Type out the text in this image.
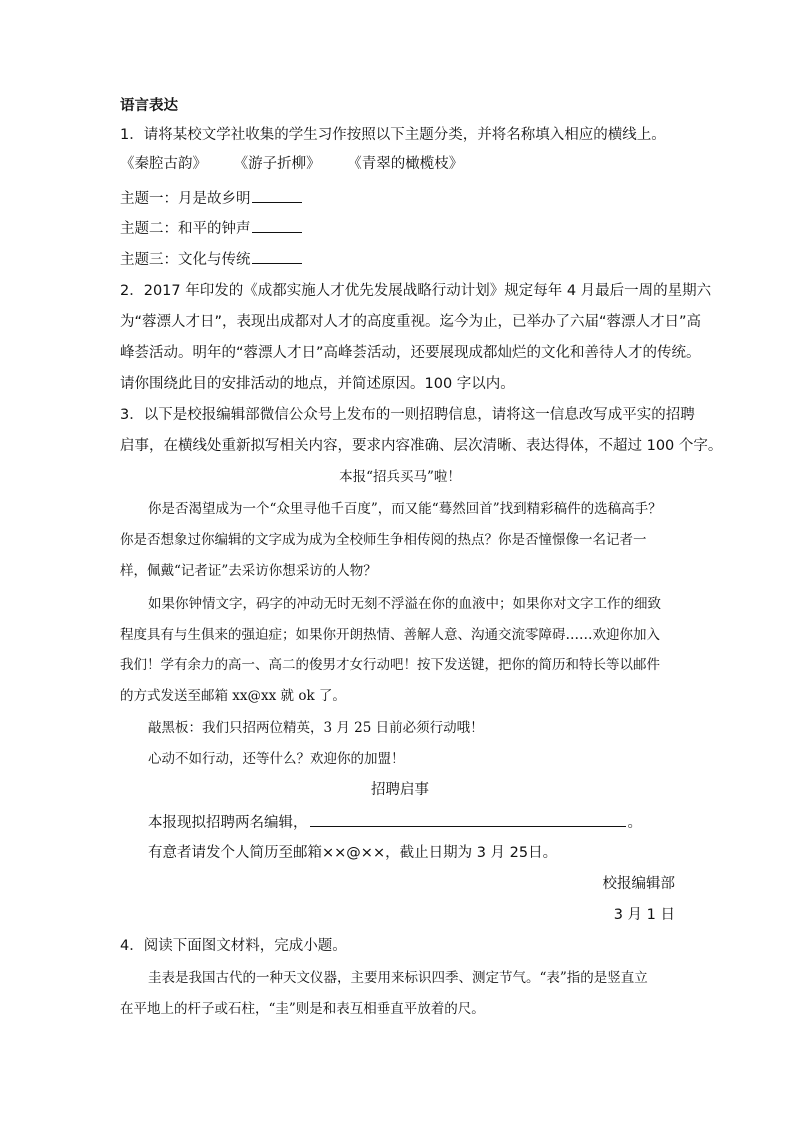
语言表达
1．请将某校文学社收集的学生习作按照以下主题分类，并将名称填入相应的横线上。
《秦腔古韵》 《游子折柳》 《青翠的橄榄枝》
主题一：月是故乡明
主题二：和平的钟声
主题三：文化与传统
2．2017 年印发的《成都实施人才优先发展战略行动计划》规定每年 4 月最后一周的星期六
为“蓉漂人才日”，表现出成都对人才的高度重视。迄今为止，已举办了六届“蓉漂人才日”高
峰荟活动。明年的“蓉漂人才日”高峰荟活动，还要展现成都灿烂的文化和善待人才的传统。
请你围绕此目的安排活动的地点，并简述原因。100 字以内。
3．以下是校报编辑部微信公众号上发布的一则招聘信息，请将这一信息改写成平实的招聘
启事，在横线处重新拟写相关内容，要求内容准确、层次清晰、表达得体，不超过 100 个字。
本报“招兵买马”啦！
你是否渴望成为一个“众里寻他千百度”，而又能“蓦然回首”找到精彩稿件的选稿高手？
你是否想象过你编辑的文字成为成为全校师生争相传阅的热点？你是否憧憬像一名记者一
样，佩戴“记者证”去采访你想采访的人物？
如果你钟情文字，码字的冲动无时无刻不浮溢在你的血液中；如果你对文字工作的细致
程度具有与生俱来的强迫症；如果你开朗热情、善解人意、沟通交流零障碍……欢迎你加入
我们！学有余力的高一、高二的俊男才女行动吧！按下发送键，把你的简历和特长等以邮件
的方式发送至邮箱 xx@xx 就 ok 了。
敲黑板：我们只招两位精英，3 月 25 日前必须行动哦！
心动不如行动，还等什么？欢迎你的加盟！
招聘启事
本报现拟招聘两名编辑，	。
有意者请发个人简历至邮箱××@××，截止日期为 3 月 25日。
校报编辑部
3 月 1 日
4．阅读下面图文材料，完成小题。
圭表是我国古代的一种天文仪器，主要用来标识四季、测定节气。“表”指的是竖直立
在平地上的杆子或石柱，“圭”则是和表互相垂直平放着的尺。
